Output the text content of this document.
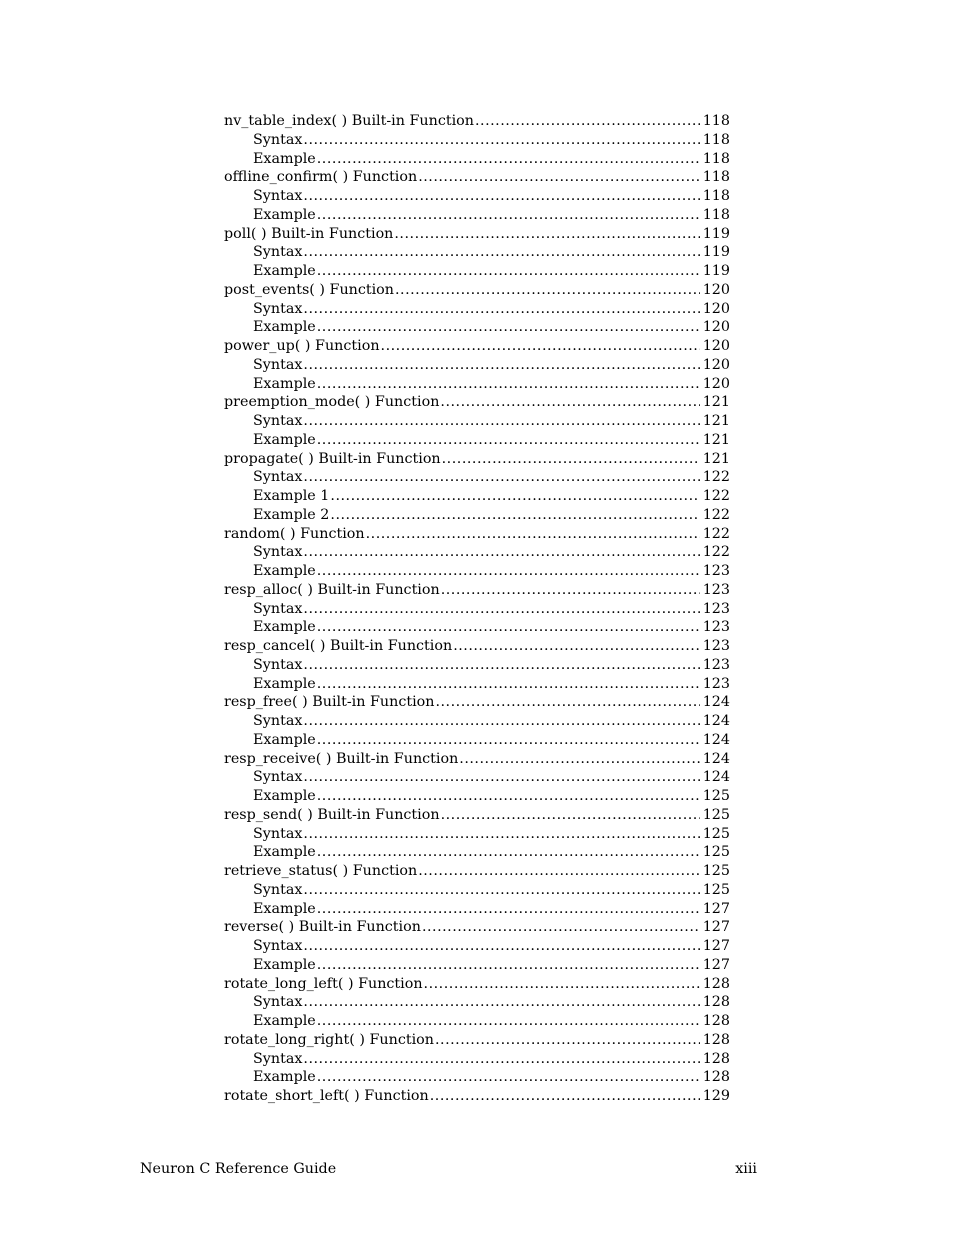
nv_table_index( ) Built-in Function .....	118
Syntax .....	118
Example .....	118
offline_confirm( ) Function .....	118
Syntax .....	118
Example .....	118
poll( ) Built-in Function .....	119
Syntax .....	119
Example .....	119
post_events( ) Function .....	120
Syntax .....	120
Example .....	120
power_up( ) Function .....	120
Syntax .....	120
Example .....	120
preemption_mode( ) Function .....	121
Syntax .....	121
Example .....	121
propagate( ) Built-in Function .....	121
Syntax .....	122
Example 1 .....	122
Example 2 .....	122
random( ) Function .....	122
Syntax .....	122
Example .....	123
resp_alloc( ) Built-in Function .....	123
Syntax .....	123
Example .....	123
resp_cancel( ) Built-in Function .....	123
Syntax .....	123
Example .....	123
resp_free( ) Built-in Function .....	124
Syntax .....	124
Example .....	124
resp_receive( ) Built-in Function .....	124
Syntax .....	124
Example .....	125
resp_send( ) Built-in Function .....	125
Syntax .....	125
Example .....	125
retrieve_status( ) Function .....	125
Syntax .....	125
Example .....	127
reverse( ) Built-in Function .....	127
Syntax .....	127
Example .....	127
rotate_long_left( ) Function .....	128
Syntax .....	128
Example .....	128
rotate_long_right( ) Function .....	128
Syntax .....	128
Example .....	128
rotate_short_left( ) Function .....	129
Neuron C Reference Guide	xiii
